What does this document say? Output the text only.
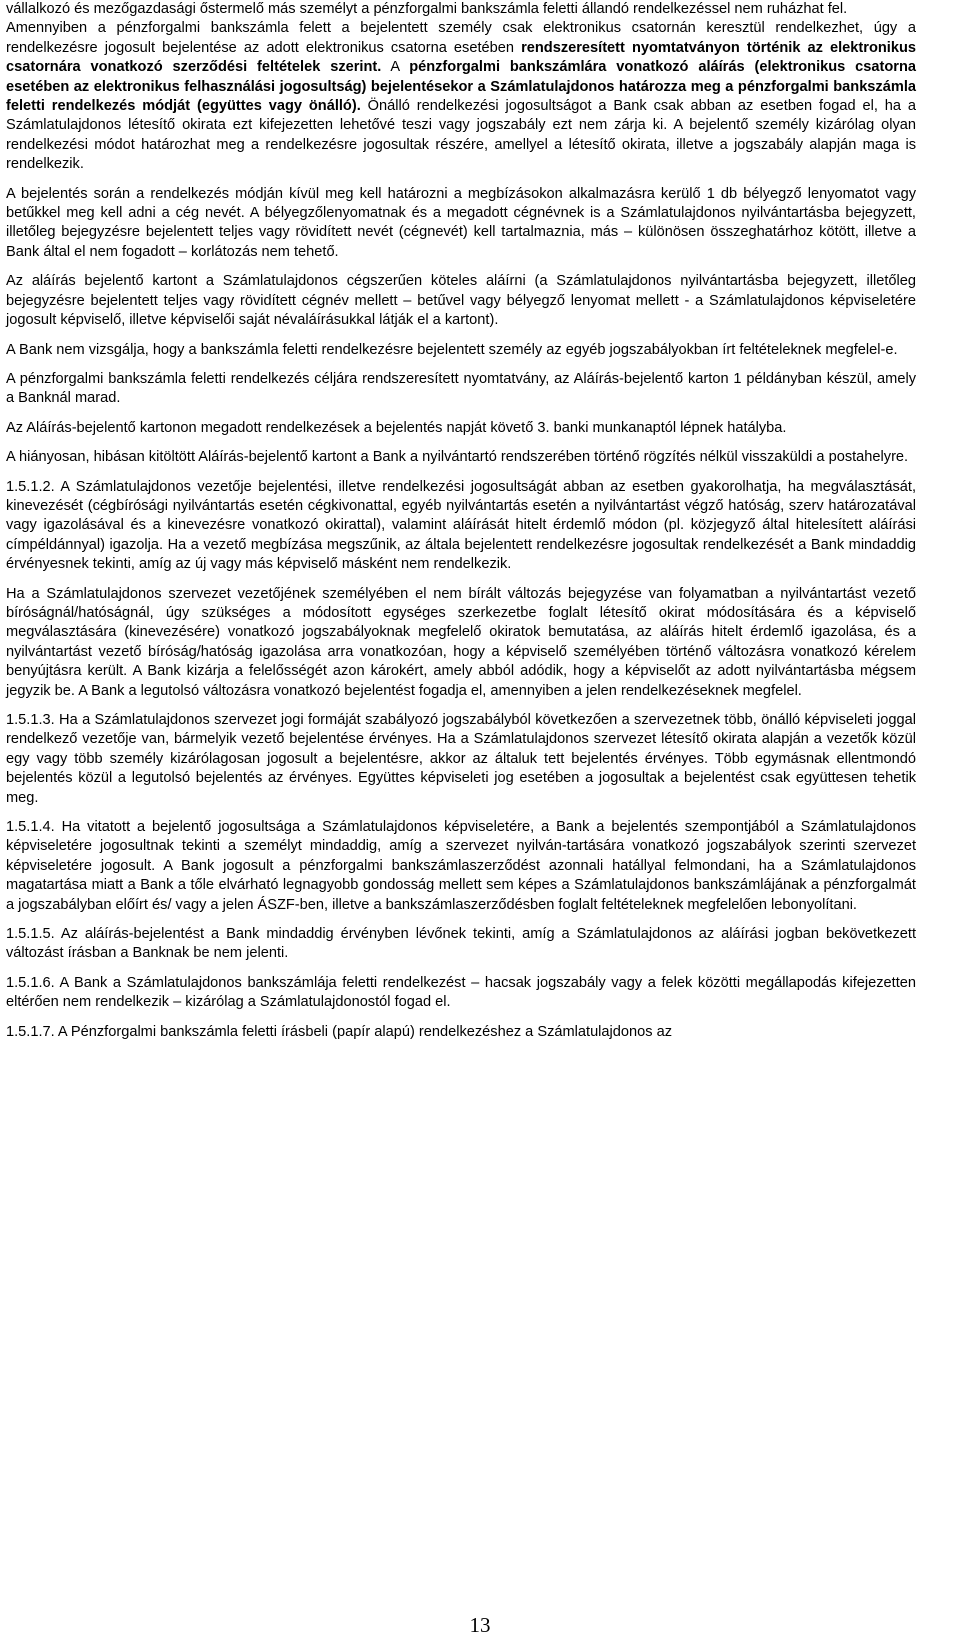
vállalkozó és mezőgazdasági őstermelő más személyt a pénzforgalmi bankszámla feletti állandó rendelkezéssel nem ruházhat fel.

Amennyiben a pénzforgalmi bankszámla felett a bejelentett személy csak elektronikus csatornán keresztül rendelkezhet, úgy a rendelkezésre jogosult bejelentése az adott elektronikus csatorna esetében rendszeresített nyomtatványon történik az elektronikus csatornára vonatkozó szerződési feltételek szerint. A pénzforgalmi bankszámlára vonatkozó aláírás (elektronikus csatorna esetében az elektronikus felhasználási jogosultság) bejelentésekor a Számlatulajdonos határozza meg a pénzforgalmi bankszámla feletti rendelkezés módját (együttes vagy önálló). Önálló rendelkezési jogosultságot a Bank csak abban az esetben fogad el, ha a Számlatulajdonos létesítő okirata ezt kifejezetten lehetővé teszi vagy jogszabály ezt nem zárja ki. A bejelentő személy kizárólag olyan rendelkezési módot határozhat meg a rendelkezésre jogosultak részére, amellyel a létesítő okirata, illetve a jogszabály alapján maga is rendelkezik.

A bejelentés során a rendelkezés módján kívül meg kell határozni a megbízásokon alkalmazásra kerülő 1 db bélyegző lenyomatot vagy betűkkel meg kell adni a cég nevét. A bélyegzőlenyomatnak és a megadott cégnévnek is a Számlatulajdonos nyilvántartásba bejegyzett, illetőleg bejegyzésre bejelentett teljes vagy rövidített nevét (cégnevét) kell tartalmaznia, más – különösen összeghatárhoz kötött, illetve a Bank által el nem fogadott – korlátozás nem tehető.

Az aláírás bejelentő kartont a Számlatulajdonos cégszerűen köteles aláírni (a Számlatulajdonos nyilvántartásba bejegyzett, illetőleg bejegyzésre bejelentett teljes vagy rövidített cégnév mellett – betűvel vagy bélyegző lenyomat mellett - a Számlatulajdonos képviseletére jogosult képviselő, illetve képviselői saját névaláírásukkal látják el a kartont).

A Bank nem vizsgálja, hogy a bankszámla feletti rendelkezésre bejelentett személy az egyéb jogszabályokban írt feltételeknek megfelel-e.

A pénzforgalmi bankszámla feletti rendelkezés céljára rendszeresített nyomtatvány, az Aláírás-bejelentő karton 1 példányban készül, amely a Banknál marad.

Az Aláírás-bejelentő kartonon megadott rendelkezések a bejelentés napját követő 3. banki munkanaptól lépnek hatályba.

A hiányosan, hibásan kitöltött Aláírás-bejelentő kartont a Bank a nyilvántartó rendszerében történő rögzítés nélkül visszaküldi a postahelyre.

1.5.1.2. A Számlatulajdonos vezetője bejelentési, illetve rendelkezési jogosultságát abban az esetben gyakorolhatja, ha megválasztását, kinevezését (cégbírósági nyilvántartás esetén cégkivonattal, egyéb nyilvántartás esetén a nyilvántartást végző hatóság, szerv határozatával vagy igazolásával és a kinevezésre vonatkozó okirattal), valamint aláírását hitelt érdemlő módon (pl. közjegyző által hitelesített aláírási címpéldánnyal) igazolja. Ha a vezető megbízása megszűnik, az általa bejelentett rendelkezésre jogosultak rendelkezését a Bank mindaddig érvényesnek tekinti, amíg az új vagy más képviselő másként nem rendelkezik.

Ha a Számlatulajdonos szervezet vezetőjének személyében el nem bírált változás bejegyzése van folyamatban a nyilvántartást vezető bíróságnál/hatóságnál, úgy szükséges a módosított egységes szerkezetbe foglalt létesítő okirat módosítására és a képviselő megválasztására (kinevezésére) vonatkozó jogszabályoknak megfelelő okiratok bemutatása, az aláírás hitelt érdemlő igazolása, és a nyilvántartást vezető bíróság/hatóság igazolása arra vonatkozóan, hogy a képviselő személyében történő változásra vonatkozó kérelem benyújtásra került. A Bank kizárja a felelősségét azon károkért, amely abból adódik, hogy a képviselőt az adott nyilvántartásba mégsem jegyzik be. A Bank a legutolsó változásra vonatkozó bejelentést fogadja el, amennyiben a jelen rendelkezéseknek megfelel.

1.5.1.3. Ha a Számlatulajdonos szervezet jogi formáját szabályozó jogszabályból következően a szervezetnek több, önálló képviseleti joggal rendelkező vezetője van, bármelyik vezető bejelentése érvényes. Ha a Számlatulajdonos szervezet létesítő okirata alapján a vezetők közül egy vagy több személy kizárólagosan jogosult a bejelentésre, akkor az általuk tett bejelentés érvényes. Több egymásnak ellentmondó bejelentés közül a legutolsó bejelentés az érvényes. Együttes képviseleti jog esetében a jogosultak a bejelentést csak együttesen tehetik meg.

1.5.1.4. Ha vitatott a bejelentő jogosultsága a Számlatulajdonos képviseletére, a Bank a bejelentés szempontjából a Számlatulajdonos képviseletére jogosultnak tekinti a személyt mindaddig, amíg a szervezet nyilván-tartására vonatkozó jogszabályok szerinti szervezet képviseletére jogosult. A Bank jogosult a pénzforgalmi bankszámlaszerződést azonnali hatállyal felmondani, ha a Számlatulajdonos magatartása miatt a Bank a tőle elvárható legnagyobb gondosság mellett sem képes a Számlatulajdonos bankszámlájának a pénzforgalmát a jogszabályban előírt és/ vagy a jelen ÁSZF-ben, illetve a bankszámlaszerződésben foglalt feltételeknek megfelelően lebonyolítani.

1.5.1.5. Az aláírás-bejelentést a Bank mindaddig érvényben lévőnek tekinti, amíg a Számlatulajdonos az aláírási jogban bekövetkezett változást írásban a Banknak be nem jelenti.

1.5.1.6. A Bank a Számlatulajdonos bankszámlája feletti rendelkezést – hacsak jogszabály vagy a felek közötti megállapodás kifejezetten eltérően nem rendelkezik – kizárólag a Számlatulajdonostól fogad el.

1.5.1.7. A Pénzforgalmi bankszámla feletti írásbeli (papír alapú) rendelkezéshez a Számlatulajdonos az

13
